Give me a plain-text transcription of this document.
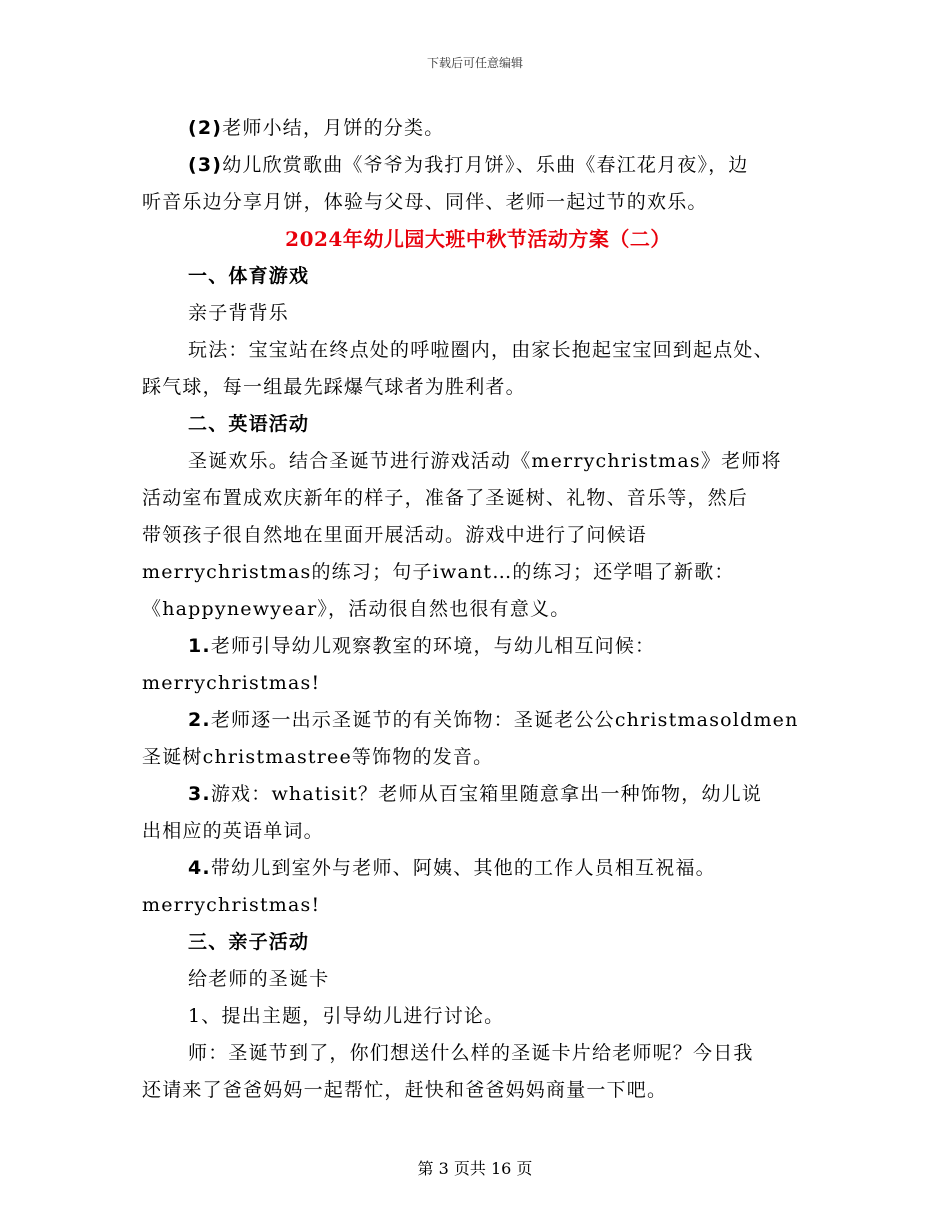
下载后可任意编辑
(2)老师小结，月饼的分类。
(3)幼儿欣赏歌曲《爷爷为我打月饼》、乐曲《春江花月夜》，边
听音乐边分享月饼，体验与父母、同伴、老师一起过节的欢乐。
2024年幼儿园大班中秋节活动方案（二）
一、体育游戏
亲子背背乐
玩法：宝宝站在终点处的呼啦圈内，由家长抱起宝宝回到起点处、
踩气球，每一组最先踩爆气球者为胜利者。
二、英语活动
圣诞欢乐。结合圣诞节进行游戏活动《merrychristmas》老师将
活动室布置成欢庆新年的样子，准备了圣诞树、礼物、音乐等，然后
带领孩子很自然地在里面开展活动。游戏中进行了问候语
merrychristmas的练习；句子iwant…的练习；还学唱了新歌：
《happynewyear》，活动很自然也很有意义。
1.老师引导幼儿观察教室的环境，与幼儿相互问候：
merrychristmas!
2.老师逐一出示圣诞节的有关饰物：圣诞老公公christmasoldmen
圣诞树christmastree等饰物的发音。
3.游戏：whatisit？老师从百宝箱里随意拿出一种饰物，幼儿说
出相应的英语单词。
4.带幼儿到室外与老师、阿姨、其他的工作人员相互祝福。
merrychristmas!
三、亲子活动
给老师的圣诞卡
1、提出主题，引导幼儿进行讨论。
师：圣诞节到了，你们想送什么样的圣诞卡片给老师呢？今日我
还请来了爸爸妈妈一起帮忙，赶快和爸爸妈妈商量一下吧。
第 3 页共 16 页
